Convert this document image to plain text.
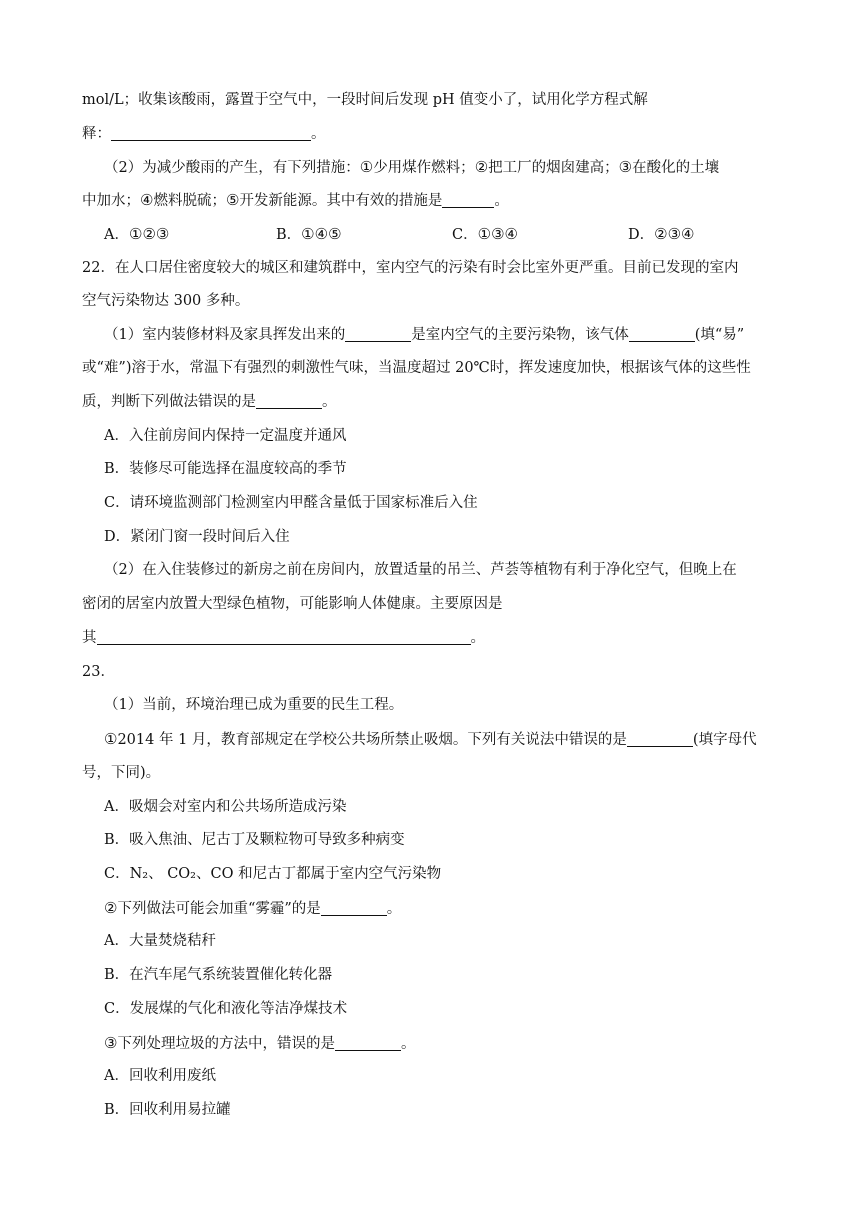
mol/L；收集该酸雨，露置于空气中，一段时间后发现 pH 值变小了，试用化学方程式解
释：	。
（2）为减少酸雨的产生，有下列措施：①少用煤作燃料；②把工厂的烟囱建高；③在酸化的土壤
中加水；④燃料脱硫；⑤开发新能源。其中有效的措施是	。
A．①②③	B．①④⑤	C．①③④	D．②③④
22．在人口居住密度较大的城区和建筑群中，室内空气的污染有时会比室外更严重。目前已发现的室内
空气污染物达 300 多种。
（1）室内装修材料及家具挥发出来的	是室内空气的主要污染物，该气体	(填“易”
或“难”)溶于水，常温下有强烈的刺激性气味，当温度超过 20℃时，挥发速度加快，根据该气体的这些性
质，判断下列做法错误的是	。
A．入住前房间内保持一定温度并通风
B．装修尽可能选择在温度较高的季节
C．请环境监测部门检测室内甲醛含量低于国家标准后入住
D．紧闭门窗一段时间后入住
（2）在入住装修过的新房之前在房间内，放置适量的吊兰、芦荟等植物有利于净化空气，但晚上在
密闭的居室内放置大型绿色植物，可能影响人体健康。主要原因是
其	。
23．
（1）当前，环境治理已成为重要的民生工程。
①2014 年 1 月，教育部规定在学校公共场所禁止吸烟。下列有关说法中错误的是	(填字母代
号，下同)。
A．吸烟会对室内和公共场所造成污染
B．吸入焦油、尼古丁及颗粒物可导致多种病变
C．N₂、 CO₂、CO 和尼古丁都属于室内空气污染物
②下列做法可能会加重“雾霾”的是	。
A．大量焚烧秸秆
B．在汽车尾气系统装置催化转化器
C．发展煤的气化和液化等洁净煤技术
③下列处理垃圾的方法中，错误的是	。
A．回收利用废纸
B．回收利用易拉罐
